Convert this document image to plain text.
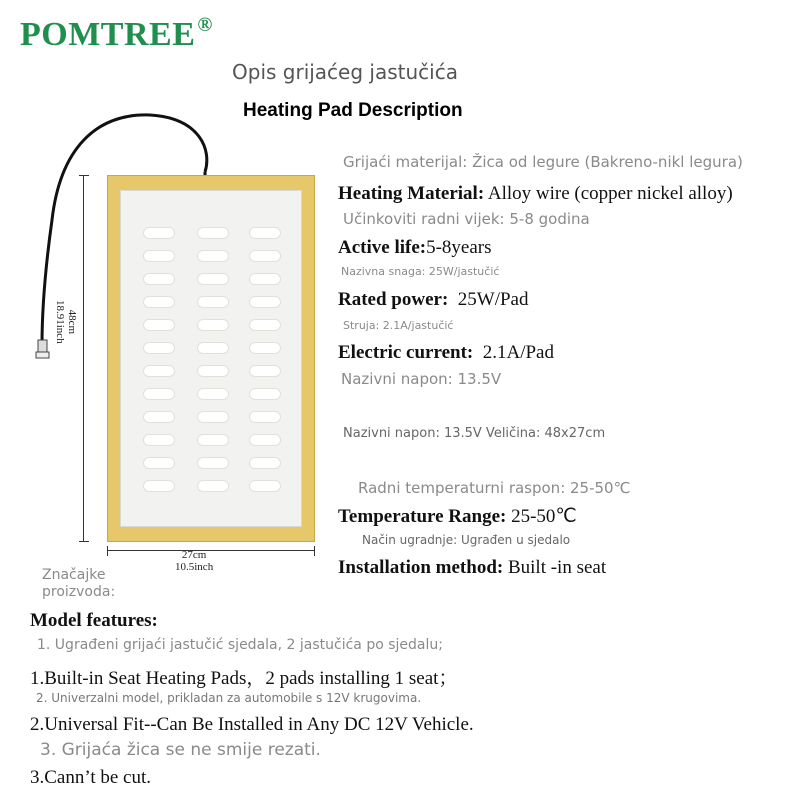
POMTREE ®
Opis grijaćeg jastučića
Heating Pad Description
48cm
18.91inch
27cm
10.5inch
Grijaći materijal: Žica od legure (Bakreno-nikl legura)
Heating Material: Alloy wire (copper nickel alloy)
Učinkoviti radni vijek: 5-8 godina
Active life:5-8years
Nazivna snaga: 25W/jastučić
Rated power:  25W/Pad
Struja: 2.1A/jastučić
Electric current:  2.1A/Pad
Nazivni napon: 13.5V
Nazivni napon: 13.5V Veličina: 48x27cm
Radni temperaturni raspon: 25-50℃
Temperature Range: 25-50℃
Način ugradnje: Ugrađen u sjedalo
Installation method: Built -in seat
Značajke
proizvoda:
Model features:
1. Ugrađeni grijaći jastučić sjedala, 2 jastučića po sjedalu;
1.Built-in Seat Heating Pads，2 pads installing 1 seat；
2. Univerzalni model, prikladan za automobile s 12V krugovima.
2.Universal Fit--Can Be Installed in Any DC 12V Vehicle.
3. Grijaća žica se ne smije rezati.
3.Cann’t be cut.
